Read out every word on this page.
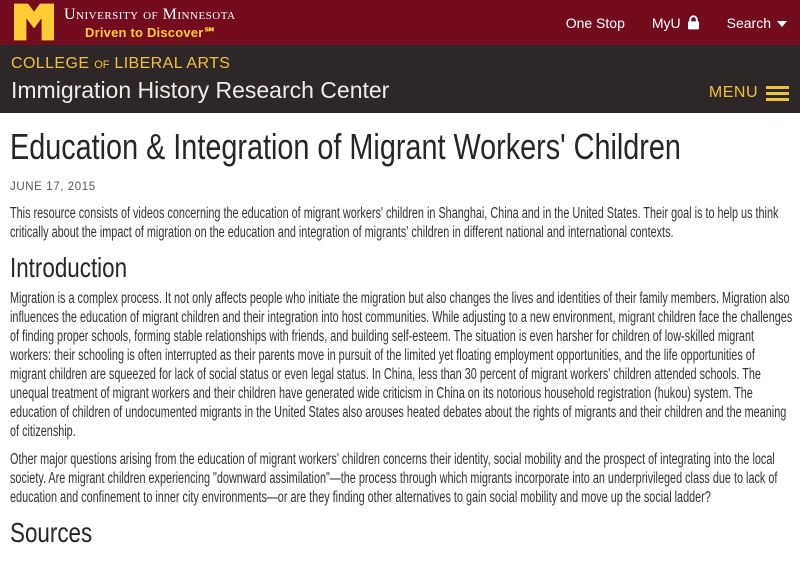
University of Minnesota
Driven to Discover℠
One Stop MyU	Search
COLLEGE OF LIBERAL ARTS
Immigration History Research Center	MENU
Education & Integration of Migrant Workers' Children
JUNE 17, 2015

This resource consists of videos concerning the education of migrant workers' children in Shanghai, China and in the United States. Their goal is to help us think critically about the impact of migration on the education and integration of migrants' children in different national and international contexts.

Introduction

Migration is a complex process. It not only affects people who initiate the migration but also changes the lives and identities of their family members. Migration also influences the education of migrant children and their integration into host communities. While adjusting to a new environment, migrant children face the challenges of finding proper schools, forming stable relationships with friends, and building self-esteem. The situation is even harsher for children of low-skilled migrant workers: their schooling is often interrupted as their parents move in pursuit of the limited yet floating employment opportunities, and the life opportunities of migrant children are squeezed for lack of social status or even legal status. In China, less than 30 percent of migrant workers' children attended schools. The unequal treatment of migrant workers and their children have generated wide criticism in China on its notorious household registration (hukou) system. The education of children of undocumented migrants in the United States also arouses heated debates about the rights of migrants and their children and the meaning of citizenship.

Other major questions arising from the education of migrant workers' children concerns their identity, social mobility and the prospect of integrating into the local society. Are migrant children experiencing "downward assimilation"—the process through which migrants incorporate into an underprivileged class due to lack of education and confinement to inner city environments—or are they finding other alternatives to gain social mobility and move up the social ladder?

Sources
